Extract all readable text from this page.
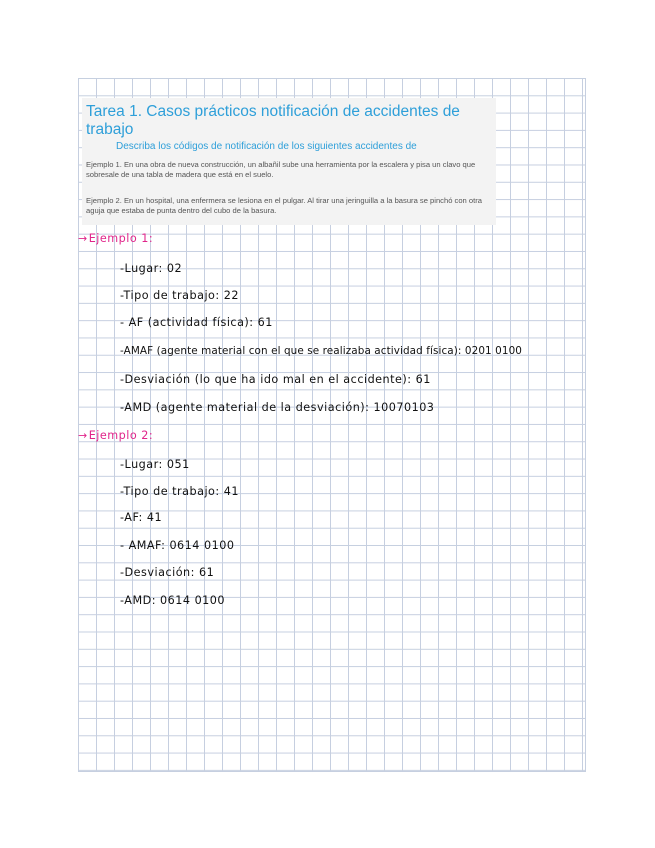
Tarea 1. Casos prácticos notificación de accidentes de trabajo
Describa los códigos de notificación de los siguientes accidentes de
Ejemplo 1. En una obra de nueva construcción, un albañil sube una herramienta por la escalera y pisa un clavo que sobresale de una tabla de madera que está en el suelo.
Ejemplo 2. En un hospital, una enfermera se lesiona en el pulgar. Al tirar una jeringuilla a la basura se pinchó con otra aguja que estaba de punta dentro del cubo de la basura.
→Ejemplo 1:
-Lugar: 02
-Tipo de trabajo: 22
- AF (actividad física): 61
-AMAF (agente material con el que se realizaba actividad física): 0201 0100
-Desviación (lo que ha ido mal en el accidente): 61
-AMD (agente material de la desviación): 10070103
→Ejemplo 2:
-Lugar: 051
-Tipo de trabajo: 41
-AF: 41
- AMAF: 0614 0100
-Desviación: 61
-AMD: 0614 0100
